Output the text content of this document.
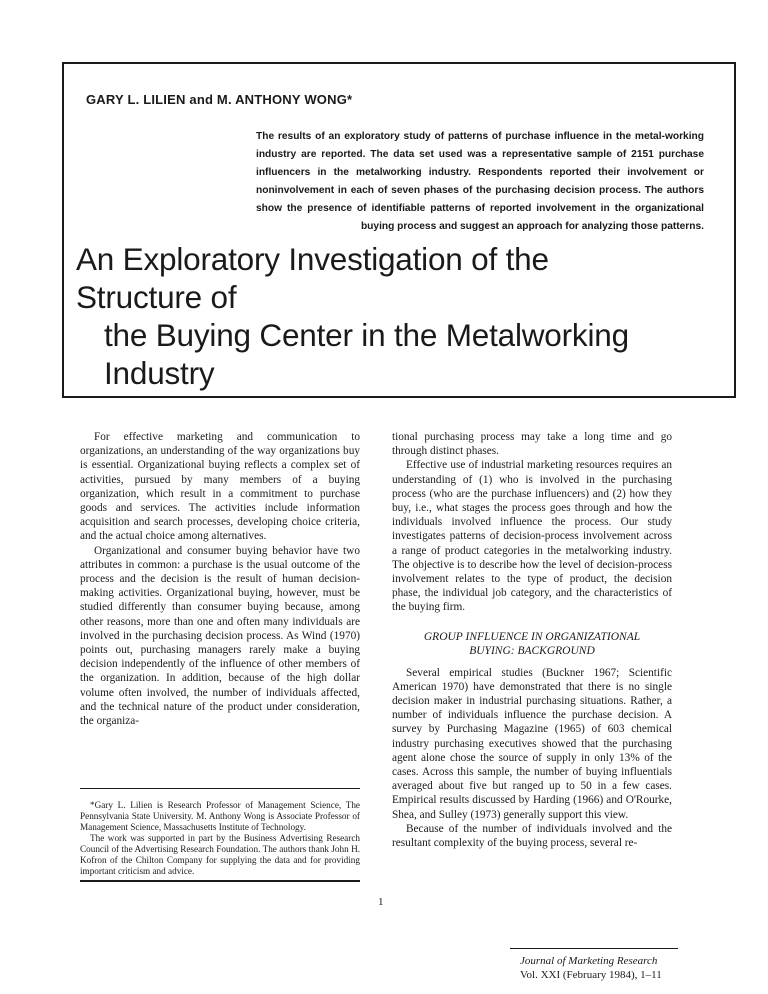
GARY L. LILIEN and M. ANTHONY WONG*
The results of an exploratory study of patterns of purchase influence in the metal-working industry are reported. The data set used was a representative sample of 2151 purchase influencers in the metalworking industry. Respondents reported their involvement or noninvolvement in each of seven phases of the purchasing decision process. The authors show the presence of identifiable patterns of reported involvement in the organizational buying process and suggest an approach for analyzing those patterns.
An Exploratory Investigation of the Structure of
the Buying Center in the Metalworking
Industry

For effective marketing and communication to organizations, an understanding of the way organizations buy is essential. Organizational buying reflects a complex set of activities, pursued by many members of a buying organization, which result in a commitment to purchase goods and services. The activities include information acquisition and search processes, developing choice criteria, and the actual choice among alternatives.

Organizational and consumer buying behavior have two attributes in common: a purchase is the usual outcome of the process and the decision is the result of human decision-making activities. Organizational buying, however, must be studied differently than consumer buying because, among other reasons, more than one and often many individuals are involved in the purchasing decision process. As Wind (1970) points out, purchasing managers rarely make a buying decision independently of the influence of other members of the organization. In addition, because of the high dollar volume often involved, the number of individuals affected, and the technical nature of the product under consideration, the organiza-

tional purchasing process may take a long time and go through distinct phases.

Effective use of industrial marketing resources requires an understanding of (1) who is involved in the purchasing process (who are the purchase influencers) and (2) how they buy, i.e., what stages the process goes through and how the individuals involved influence the process. Our study investigates patterns of decision-process involvement across a range of product categories in the metalworking industry. The objective is to describe how the level of decision-process involvement relates to the type of product, the decision phase, the individual job category, and the characteristics of the buying firm.

GROUP INFLUENCE IN ORGANIZATIONAL
BUYING: BACKGROUND

Several empirical studies (Buckner 1967; Scientific American 1970) have demonstrated that there is no single decision maker in industrial purchasing situations. Rather, a number of individuals influence the purchase decision. A survey by Purchasing Magazine (1965) of 603 chemical industry purchasing executives showed that the purchasing agent alone chose the source of supply in only 13% of the cases. Across this sample, the number of buying influentials averaged about five but ranged up to 50 in a few cases. Empirical results discussed by Harding (1966) and O'Rourke, Shea, and Sulley (1973) generally support this view.

Because of the number of individuals involved and the resultant complexity of the buying process, several re-

*Gary L. Lilien is Research Professor of Management Science, The Pennsylvania State University. M. Anthony Wong is Associate Professor of Management Science, Massachusetts Institute of Technology.

The work was supported in part by the Business Advertising Research Council of the Advertising Research Foundation. The authors thank John H. Kofron of the Chilton Company for supplying the data and for providing important criticism and advice.

1
Journal of Marketing Research
Vol. XXI (February 1984), 1–11
